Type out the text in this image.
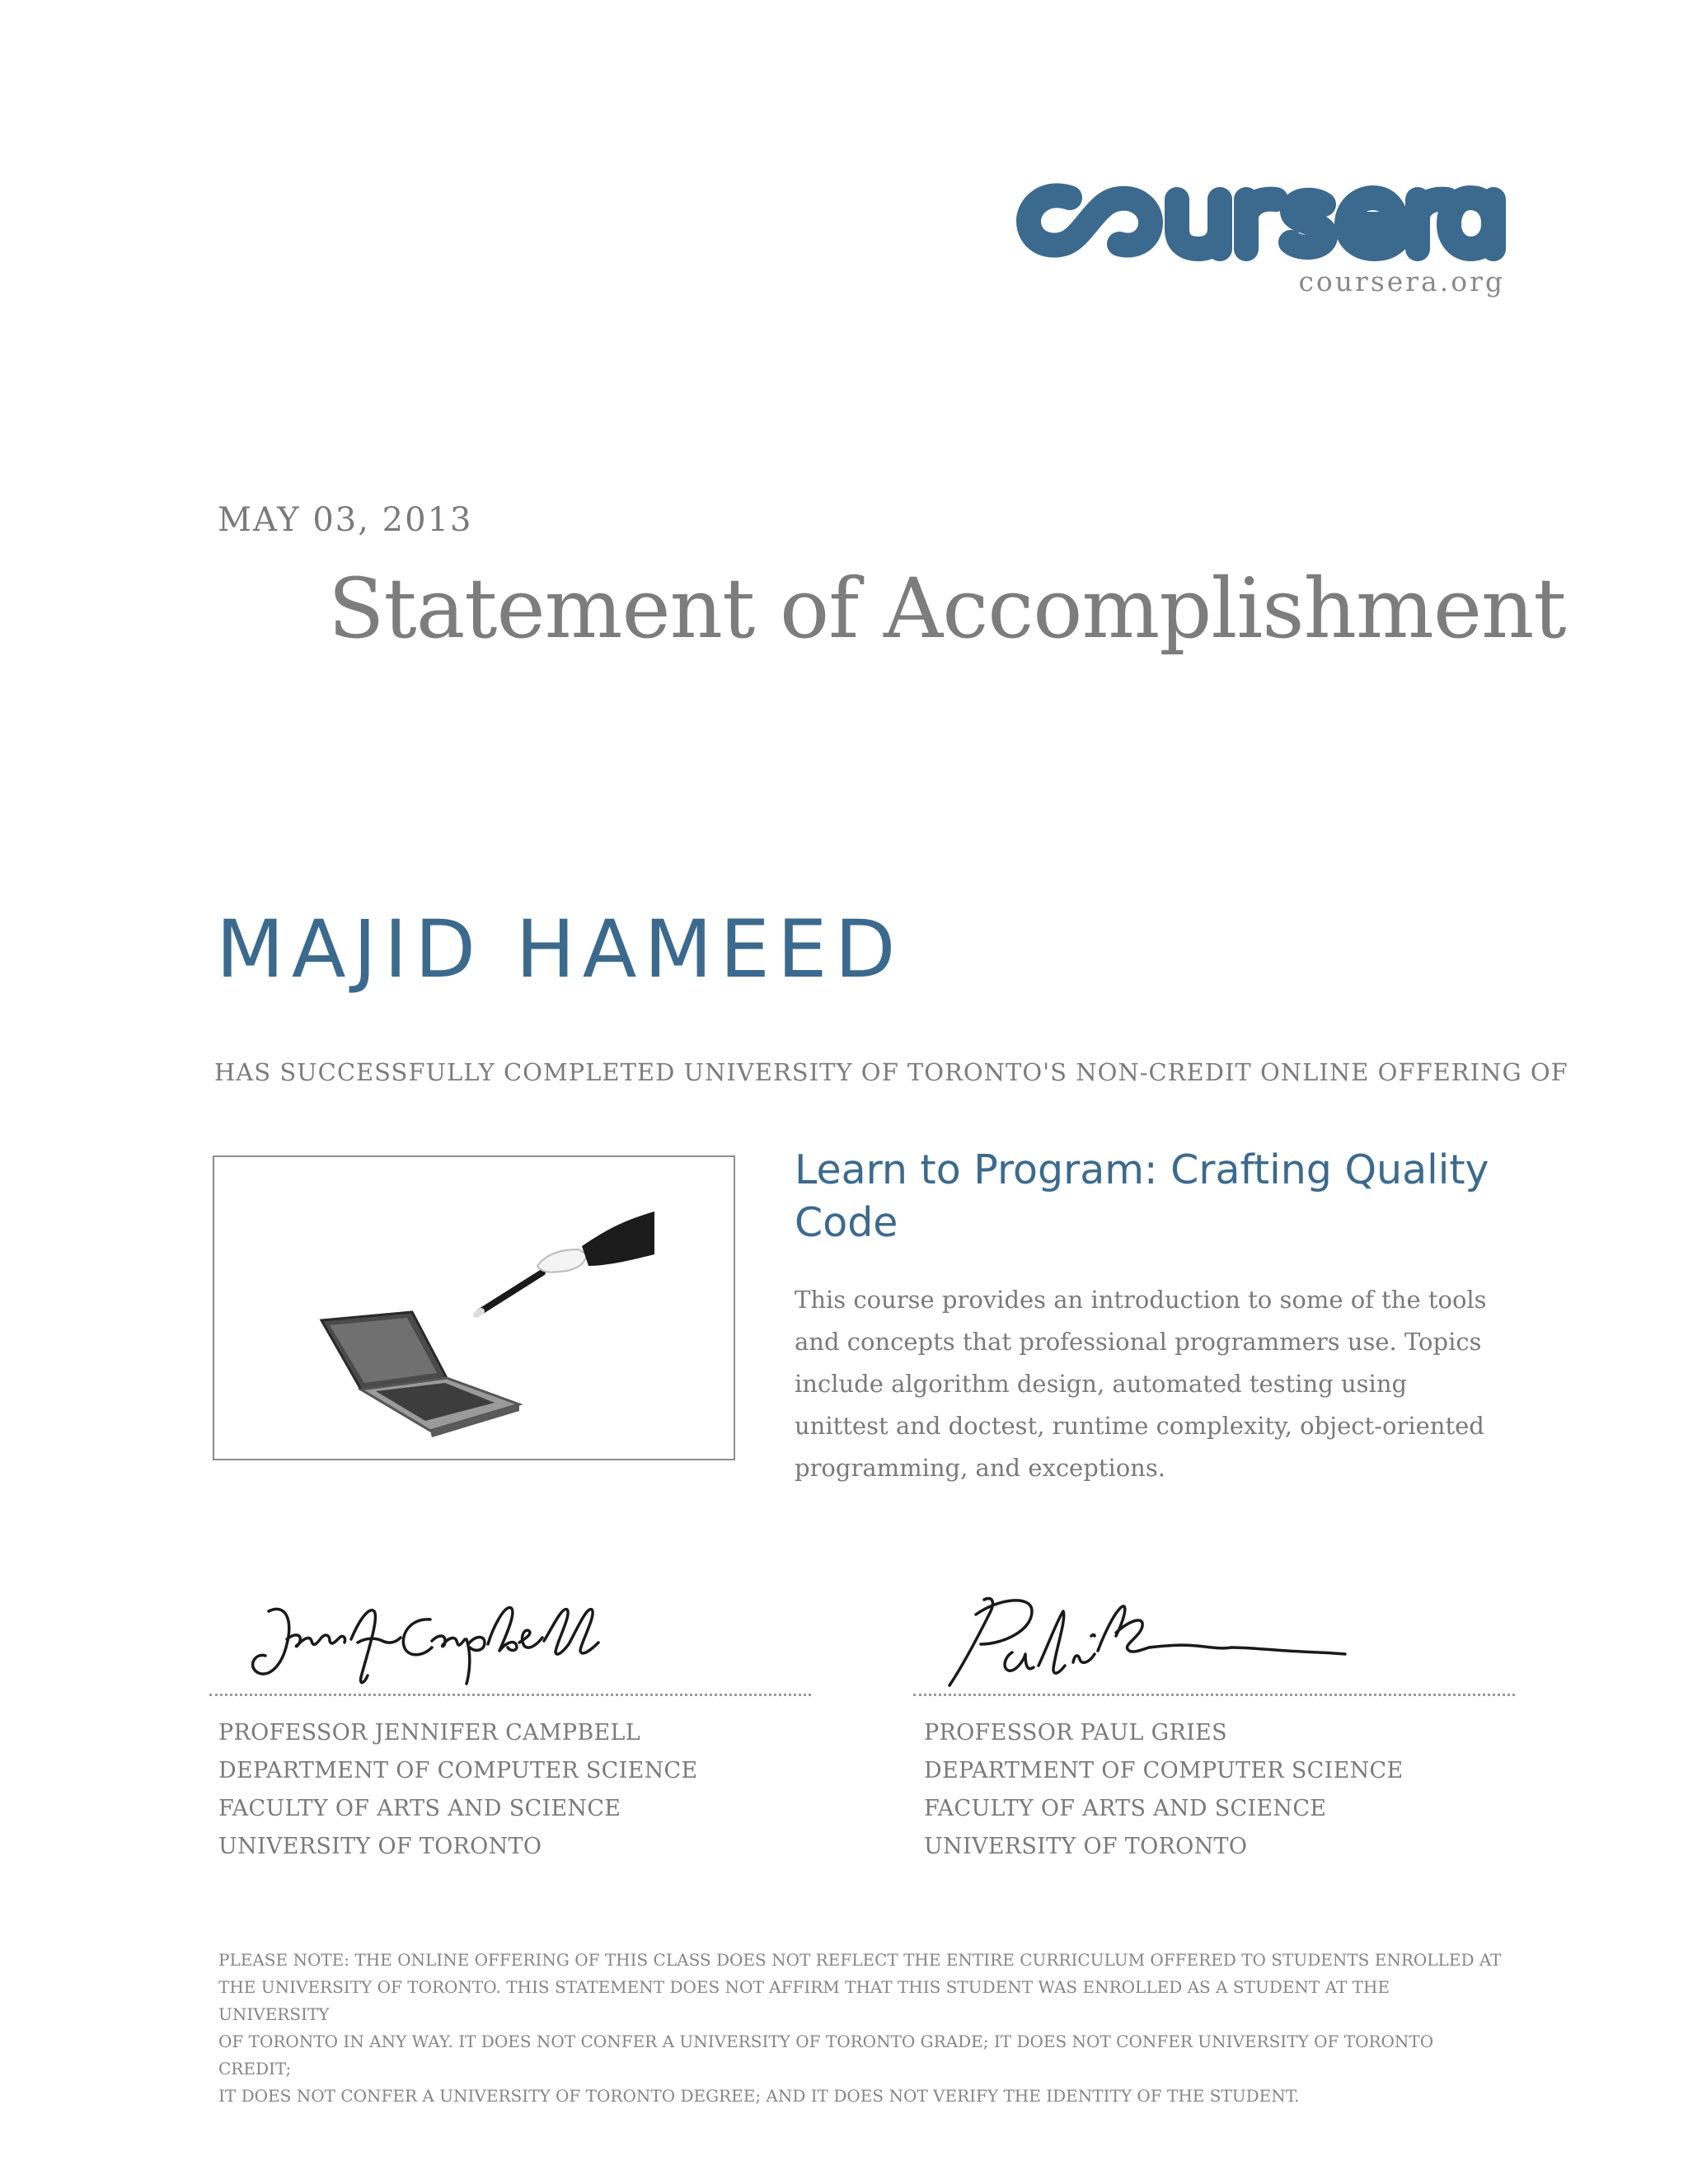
coursera.org
MAY 03, 2013
Statement of Accomplishment
MAJID HAMEED
HAS SUCCESSFULLY COMPLETED UNIVERSITY OF TORONTO'S NON-CREDIT ONLINE OFFERING OF
Learn to Program: Crafting Quality Code
This course provides an introduction to some of the tools and concepts that professional programmers use. Topics include algorithm design, automated testing using unittest and doctest, runtime complexity, object-oriented programming, and exceptions.
PROFESSOR JENNIFER CAMPBELL
DEPARTMENT OF COMPUTER SCIENCE
FACULTY OF ARTS AND SCIENCE
UNIVERSITY OF TORONTO
PROFESSOR PAUL GRIES
DEPARTMENT OF COMPUTER SCIENCE
FACULTY OF ARTS AND SCIENCE
UNIVERSITY OF TORONTO
PLEASE NOTE: THE ONLINE OFFERING OF THIS CLASS DOES NOT REFLECT THE ENTIRE CURRICULUM OFFERED TO STUDENTS ENROLLED AT
THE UNIVERSITY OF TORONTO. THIS STATEMENT DOES NOT AFFIRM THAT THIS STUDENT WAS ENROLLED AS A STUDENT AT THE UNIVERSITY
OF TORONTO IN ANY WAY. IT DOES NOT CONFER A UNIVERSITY OF TORONTO GRADE; IT DOES NOT CONFER UNIVERSITY OF TORONTO CREDIT;
IT DOES NOT CONFER A UNIVERSITY OF TORONTO DEGREE; AND IT DOES NOT VERIFY THE IDENTITY OF THE STUDENT.
